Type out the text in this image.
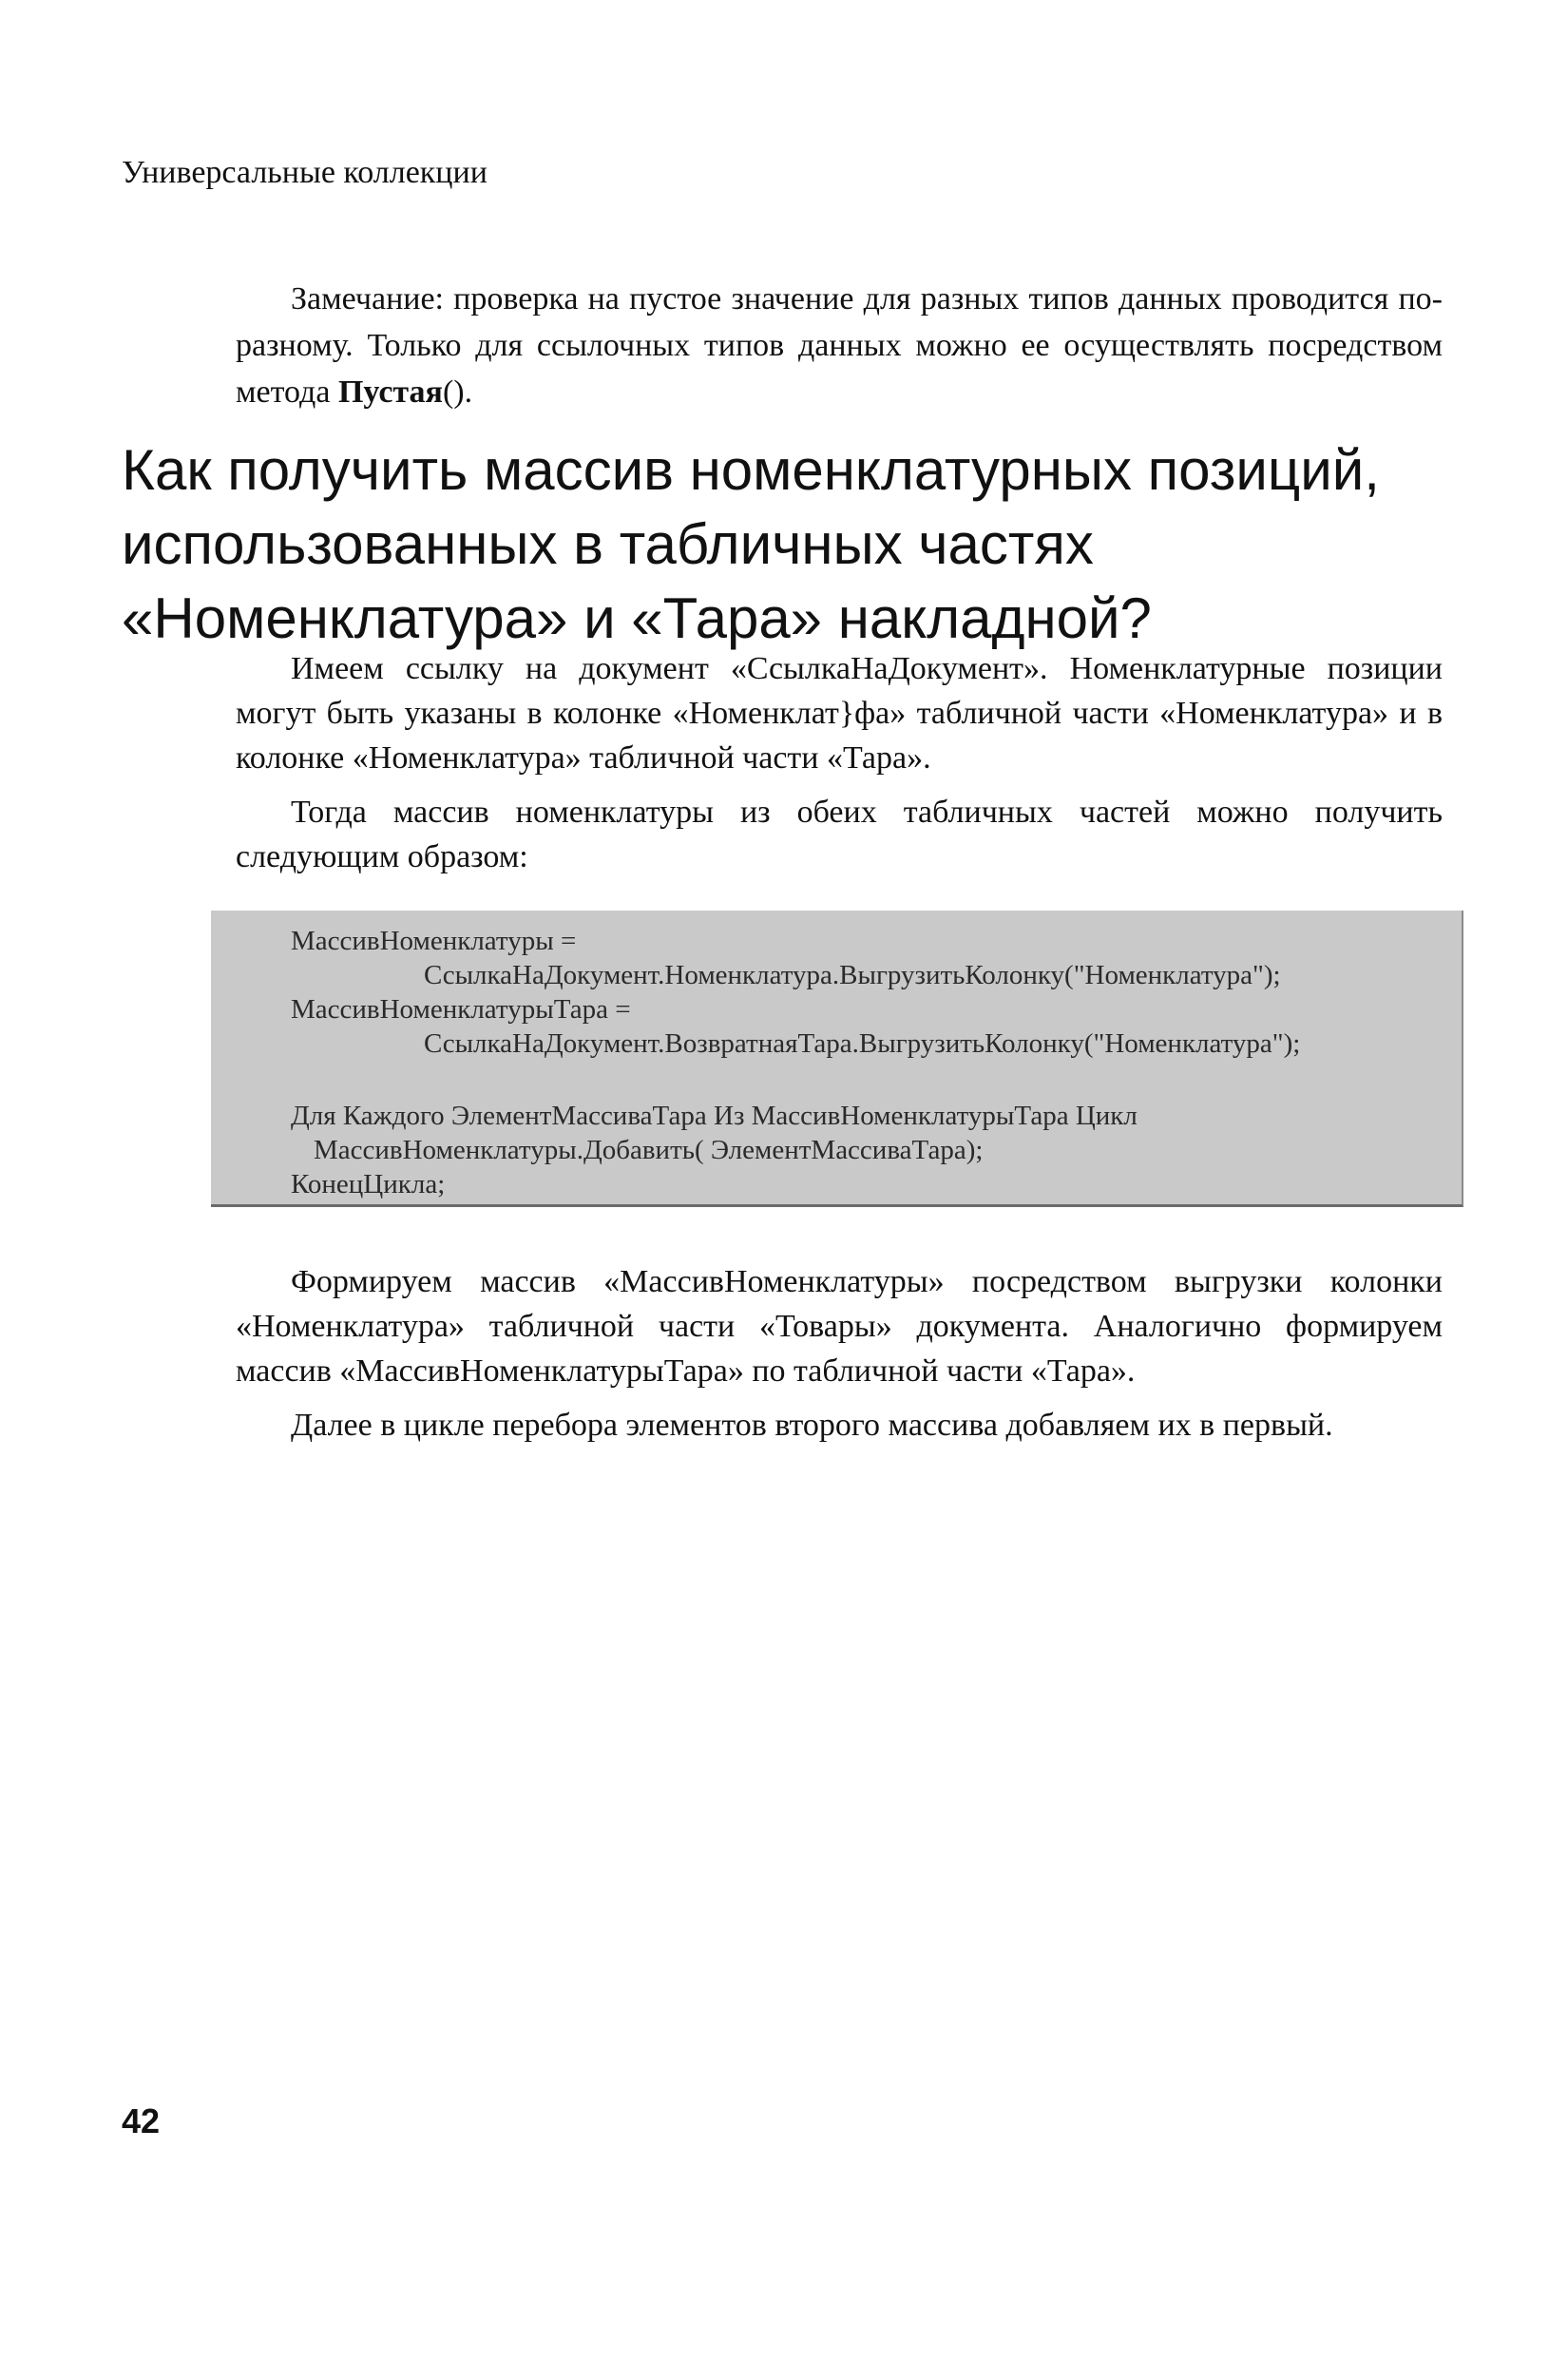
Универсальные коллекции

Замечание: проверка на пустое значение для разных типов данных проводится по-разному. Только для ссылочных типов данных можно ее осуществлять посредством метода Пустая().

Как получить массив номенклатурных позиций,
использованных в табличных частях
«Номенклатура» и «Тара» накладной?

Имеем ссылку на документ «СсылкаНаДокумент». Номенклатурные позиции могут быть указаны в колонке «Номенклат}фа» табличной части «Номенклатура» и в колонке «Номенклатура» табличной части «Тара».

Тогда массив номенклатуры из обеих табличных частей можно получить следующим образом:

МассивНоменклатуры =
СсылкаНаДокумент.Номенклатура.ВыгрузитьКолонку("Номенклатура");
МассивНоменклатурыТара =
СсылкаНаДокумент.ВозвратнаяТара.ВыгрузитьКолонку("Номенклатура");
Для Каждого ЭлементМассиваТара Из МассивНоменклатурыТара Цикл
МассивНоменклатуры.Добавить( ЭлементМассиваТара);
КонецЦикла;

Формируем массив «МассивНоменклатуры» посредством выгрузки колонки «Номенклатура» табличной части «Товары» документа. Аналогично формируем массив «МассивНоменклатурыТара» по табличной части «Тара».

Далее в цикле перебора элементов второго массива добавляем их в первый.

42
